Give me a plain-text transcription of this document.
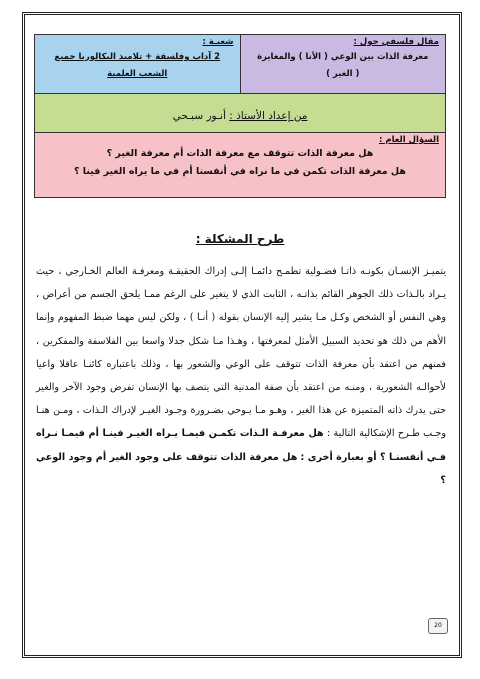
مقال فلسفي حول :
معرفة الذات بين الوعي ( الأنا ) والمغايرة
( الغير )

شعبـة :
2 آداب وفلسفة + تلاميذ البكالوريا جميع
الشعب العلمية

من إعداد الأستاذ : أنـور سبـحي

السؤال العام :
هل معرفة الذات تتوقف مع معرفة الذات أم معرفة الغير ؟
هل معرفة الذات تكمن في ما نراه في أنفسنا أم في ما يراه الغير فينا ؟
طرح المشكلة :
يتميـز الإنسـان بكونـه ذاتـا فضـولية تطمـح دائمـا إلـى إدراك الحقيقـة ومعرفـة العالم الخـارجي ، حيث يـراد بالـذات ذلك الجوهر القائم بذاتـه ، الثابت الذي لا يتغير على الرغم ممـا يلحق الجسم من أعراض ، وهي النفس أو الشخص وكـل مـا يشير إليه الإنسان بقوله ( أنـا ) ، ولكن ليس مهما ضبط المفهوم وإنما الأهم من ذلك هو تحديد السبيل الأمثل لمعرفتها ، وهـذا مـا شكل جدلا واسعا بين الفلاسفة والمفكرين ، فمنهم من اعتقد بأن معرفة الذات تتوقف على الوعي والشعور بها ، وذلك باعتباره كائنـا عاقلا واعيا لأحوالـه الشعورية ، ومنـه من اعتقد بأن صفة المدنية التي يتصف بها الإنسان تفرض وجود الآخر والغير حتى يدرك ذاته المتميزة عن هذا الغير ، وهـو مـا يـوحي بضـرورة وجـود الغيـر لإدراك الـذات ، ومـن هنـا وجـب طـرح الإشكالية التالية : هل معرفـة الـذات تكمـن فيمـا يـراه الغيـر فينـا أم فيمـا نـراه فـي أنفسنـا ؟ أو بعبارة أخرى : هل معرفة الذات تتوقف على وجود الغير أم وجود الوعي ؟
20
